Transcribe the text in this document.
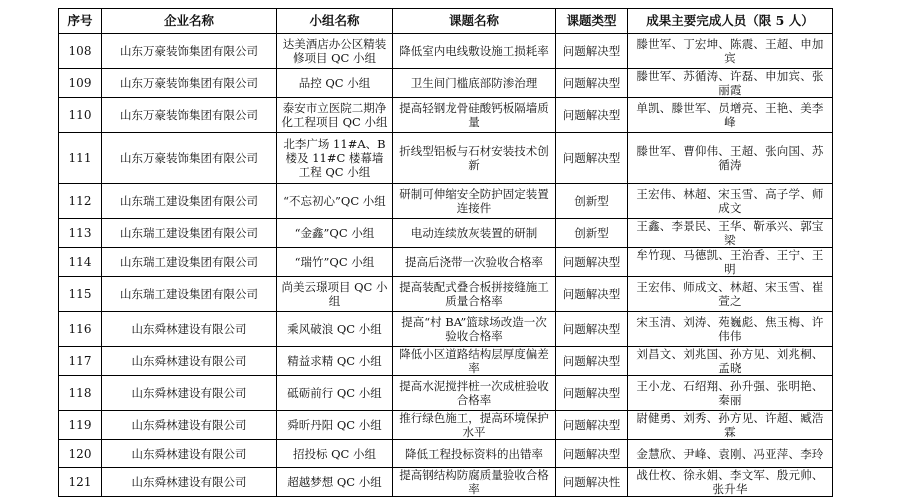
序号	企业名称	小组名称	课题名称	课题类型	成果主要完成人员（限 5 人）
108	山东万豪装饰集团有限公司	达美酒店办公区精装修项目 QC 小组	降低室内电线敷设施工损耗率	问题解决型	滕世军、丁宏坤、陈震、王超、申加宾
109	山东万豪装饰集团有限公司	品控 QC 小组	卫生间门槛底部防渗治理	问题解决型	滕世军、苏循涛、许磊、申加宾、张丽霞
110	山东万豪装饰集团有限公司	泰安市立医院二期净化工程项目 QC 小组	提高轻钢龙骨硅酸钙板隔墙质量	问题解决型	单凯、滕世军、员增亮、王艳、美李峰
111	山东万豪装饰集团有限公司	北李广场 11#A、B 楼及 11#C 楼幕墙工程 QC 小组	折线型铝板与石材安装技术创新	问题解决型	滕世军、曹仰伟、王超、张向国、苏循涛
112	山东瑞工建设集团有限公司	“不忘初心”QC 小组	研制可伸缩安全防护固定装置连接件	创新型	王宏伟、林超、宋玉雪、高子学、师成文
113	山东瑞工建设集团有限公司	“金鑫”QC 小组	电动连续放灰装置的研制	创新型	王鑫、李景民、王华、靳承兴、郭宝梁
114	山东瑞工建设集团有限公司	“瑞竹”QC 小组	提高后浇带一次验收合格率	问题解决型	牟竹现、马德凯、王治香、王宁、王明
115	山东瑞工建设集团有限公司	尚美云璟项目 QC 小组	提高装配式叠合板拼接缝施工质量合格率	问题解决型	王宏伟、师成文、林超、宋玉雪、崔萱之
116	山东舜林建设有限公司	乘风破浪 QC 小组	提高“村 BA”篮球场改造一次验收合格率	问题解决型	宋玉清、刘涛、苑巍彪、焦玉梅、许伟伟
117	山东舜林建设有限公司	精益求精 QC 小组	降低小区道路结构层厚度偏差率	问题解决型	刘昌文、刘兆国、孙方见、刘兆桐、孟晓
118	山东舜林建设有限公司	砥砺前行 QC 小组	提高水泥搅拌桩一次成桩验收合格率	问题解决型	王小龙、石绍翔、孙升强、张明艳、秦丽
119	山东舜林建设有限公司	舜昕丹阳 QC 小组	推行绿色施工，提高环境保护水平	问题解决型	尉健勇、刘秀、孙方见、许超、臧浩霖
120	山东舜林建设有限公司	招投标 QC 小组	降低工程投标资料的出错率	问题解决型	金慧欣、尹峰、袁刚、冯亚萍、李玲
121	山东舜林建设有限公司	超越梦想 QC 小组	提高钢结构防腐质量验收合格率	问题解决性	战仕枚、徐永娟、李文军、殷元帅、张升华
